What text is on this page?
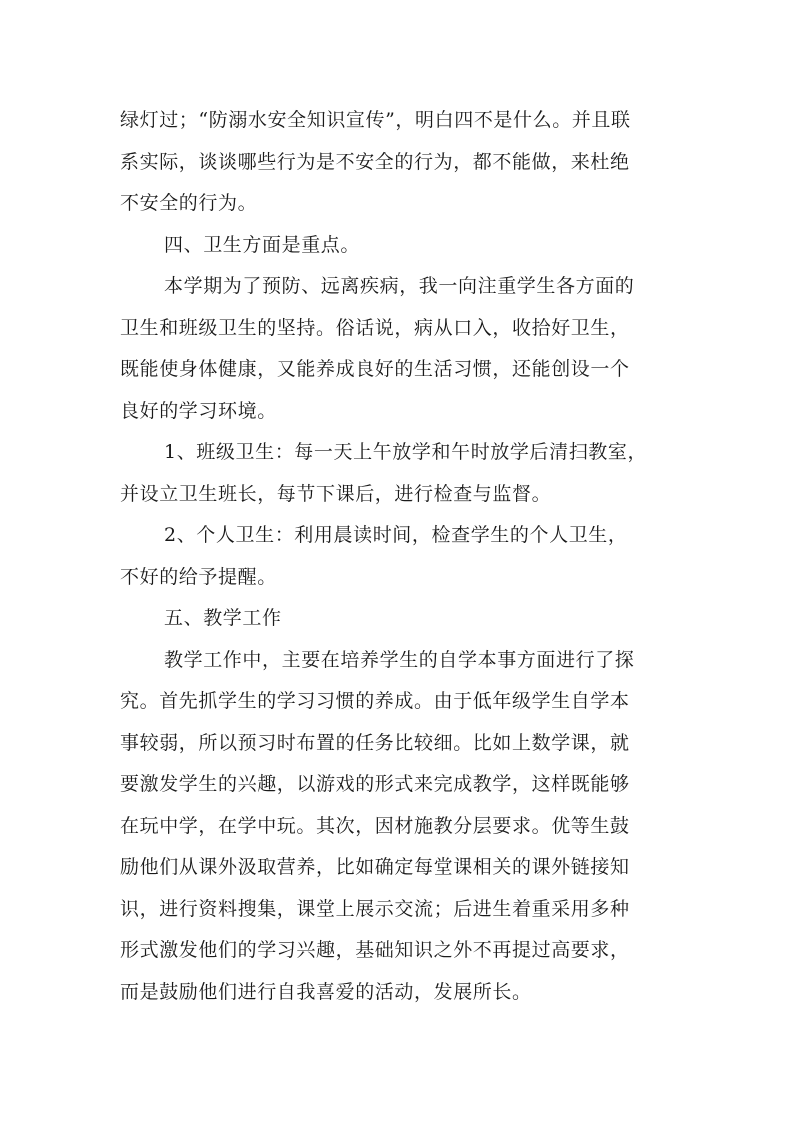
绿灯过；“防溺水安全知识宣传”，明白四不是什么。并且联

系实际，谈谈哪些行为是不安全的行为，都不能做，来杜绝

不安全的行为。

四、卫生方面是重点。

本学期为了预防、远离疾病，我一向注重学生各方面的

卫生和班级卫生的坚持。俗话说，病从口入，收拾好卫生，

既能使身体健康，又能养成良好的生活习惯，还能创设一个

良好的学习环境。

1、班级卫生：每一天上午放学和午时放学后清扫教室，

并设立卫生班长，每节下课后，进行检查与监督。

2、个人卫生：利用晨读时间，检查学生的个人卫生，

不好的给予提醒。

五、教学工作

教学工作中，主要在培养学生的自学本事方面进行了探

究。首先抓学生的学习习惯的养成。由于低年级学生自学本

事较弱，所以预习时布置的任务比较细。比如上数学课，就

要激发学生的兴趣，以游戏的形式来完成教学，这样既能够

在玩中学，在学中玩。其次，因材施教分层要求。优等生鼓

励他们从课外汲取营养，比如确定每堂课相关的课外链接知

识，进行资料搜集，课堂上展示交流；后进生着重采用多种

形式激发他们的学习兴趣，基础知识之外不再提过高要求，

而是鼓励他们进行自我喜爱的活动，发展所长。
